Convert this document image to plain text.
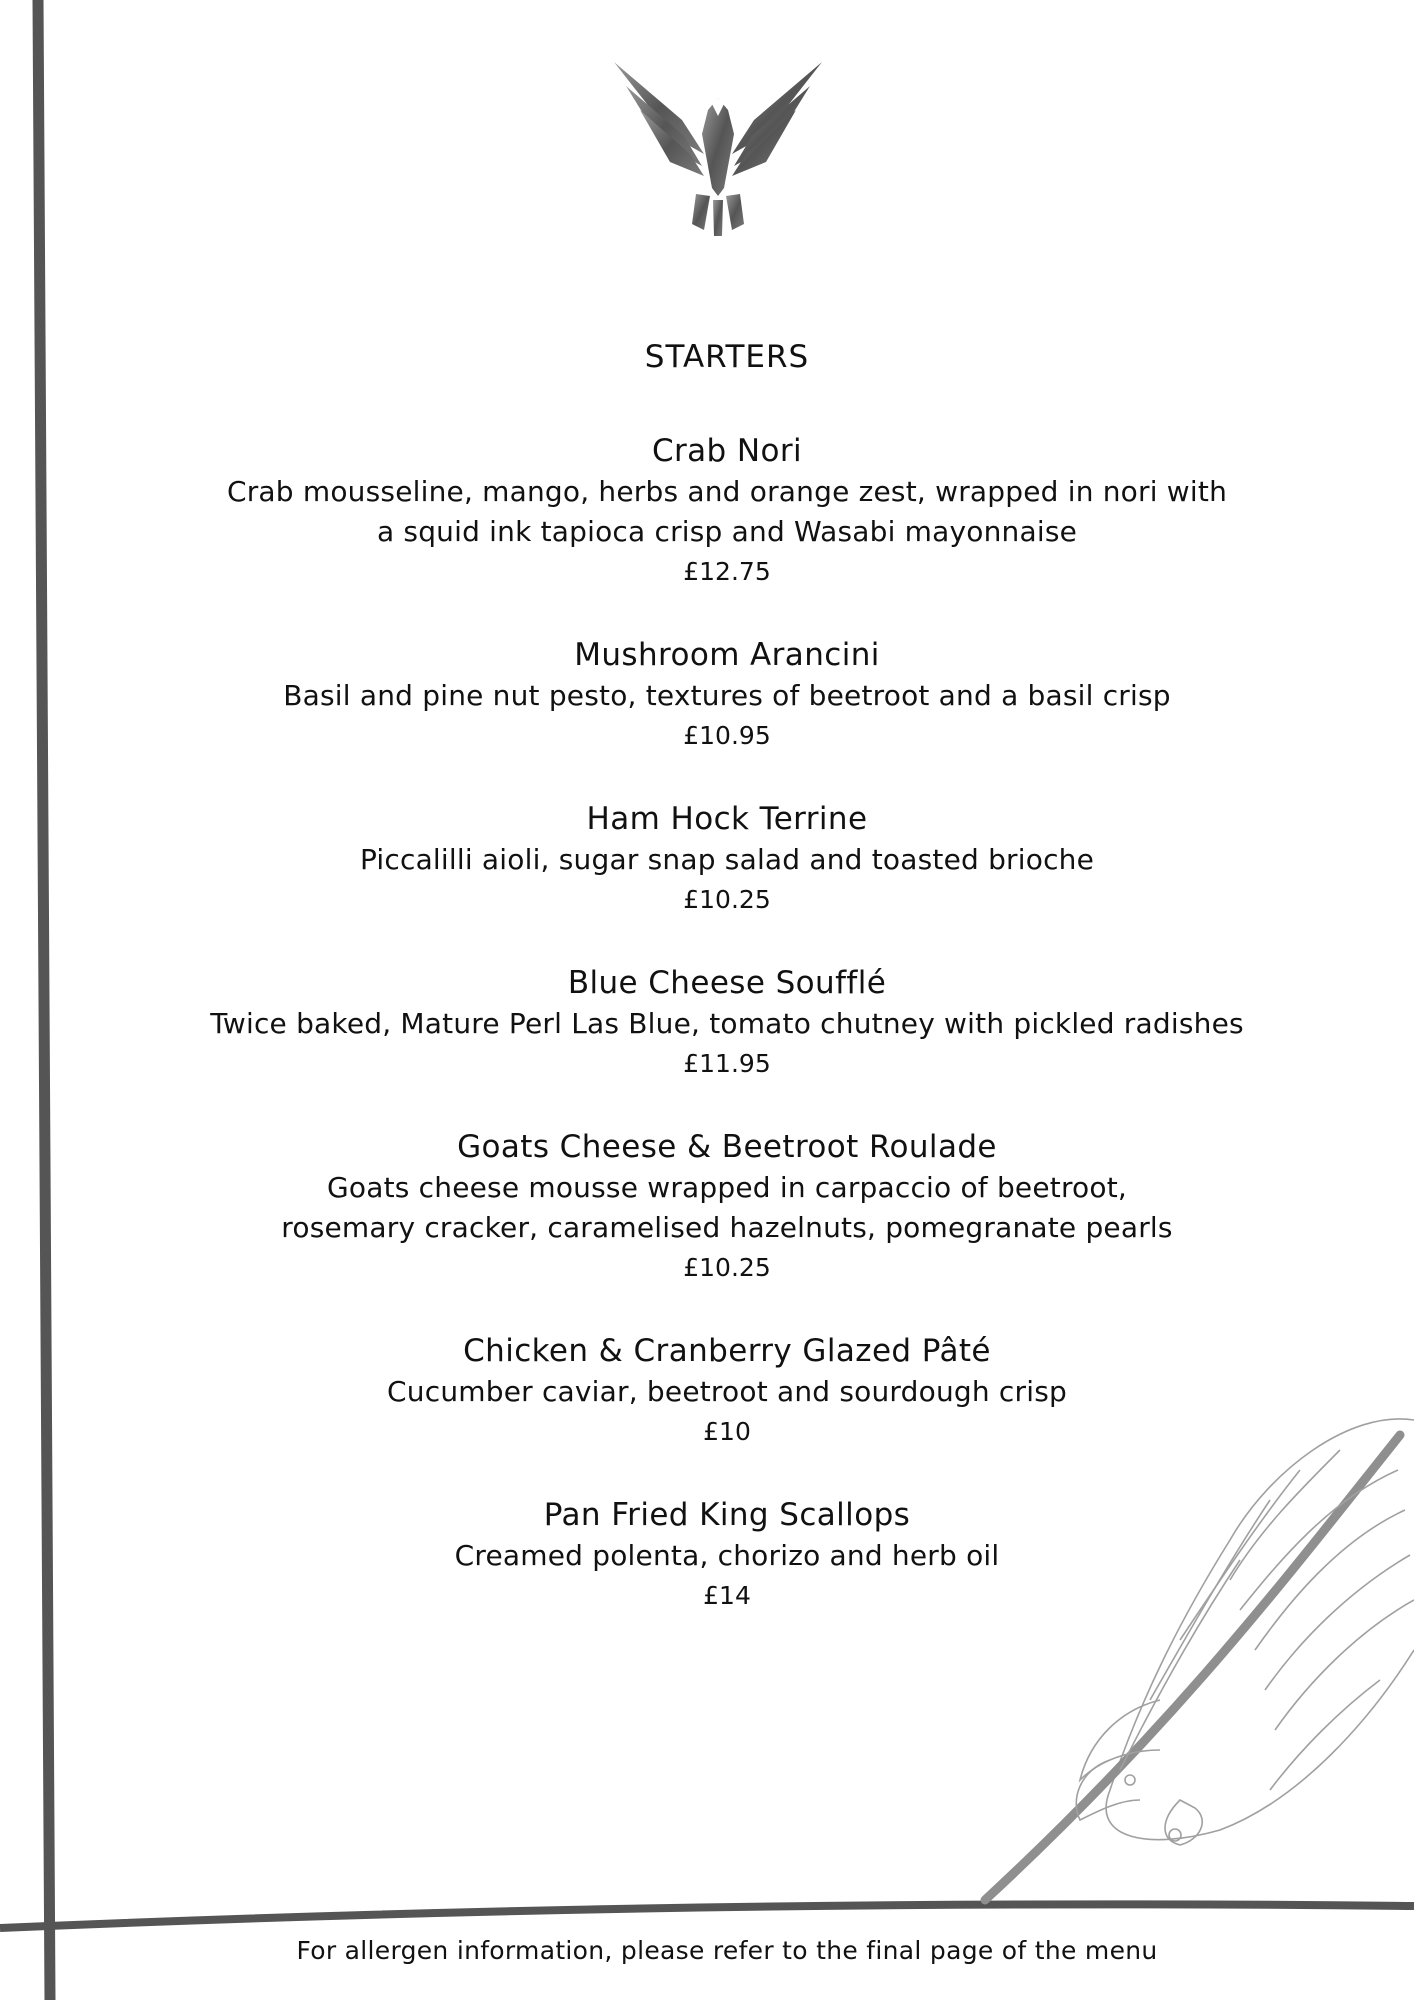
STARTERS
Crab Nori
Crab mousseline, mango, herbs and orange zest, wrapped in nori with
a squid ink tapioca crisp and Wasabi mayonnaise
£12.75
Mushroom Arancini
Basil and pine nut pesto, textures of beetroot and a basil crisp
£10.95
Ham Hock Terrine
Piccalilli aioli, sugar snap salad and toasted brioche
£10.25
Blue Cheese Soufflé
Twice baked, Mature Perl Las Blue, tomato chutney with pickled radishes
£11.95
Goats Cheese & Beetroot Roulade
Goats cheese mousse wrapped in carpaccio of beetroot,
rosemary cracker, caramelised hazelnuts, pomegranate pearls
£10.25
Chicken & Cranberry Glazed Pâté
Cucumber caviar, beetroot and sourdough crisp
£10
Pan Fried King Scallops
Creamed polenta, chorizo and herb oil
£14
For allergen information, please refer to the final page of the menu
